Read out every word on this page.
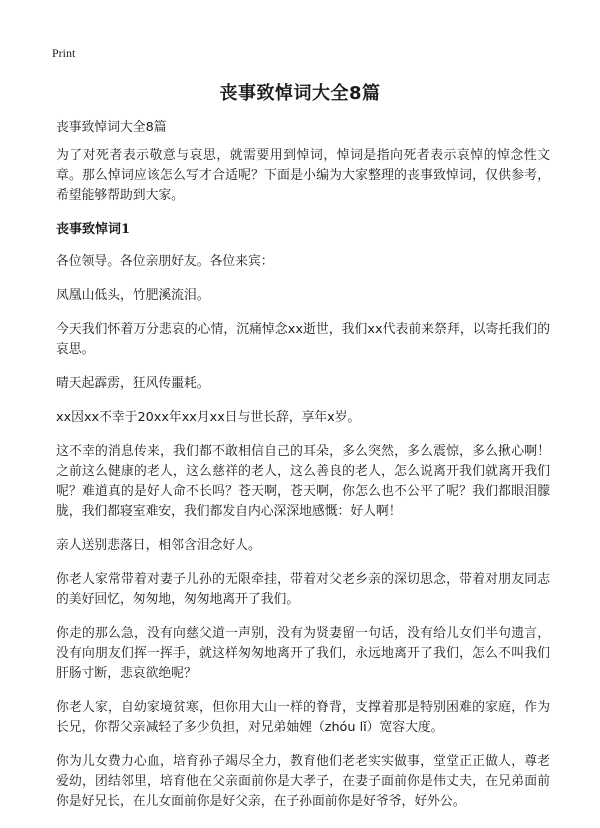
Print
丧事致悼词大全8篇

丧事致悼词大全8篇

为了对死者表示敬意与哀思，就需要用到悼词，悼词是指向死者表示哀悼的悼念性文章。那么悼词应该怎么写才合适呢？下面是小编为大家整理的丧事致悼词，仅供参考，希望能够帮助到大家。

丧事致悼词1

各位领导。各位亲朋好友。各位来宾：

凤凰山低头，竹肥溪流泪。

今天我们怀着万分悲哀的心情，沉痛悼念xx逝世，我们xx代表前来祭拜，以寄托我们的哀思。

晴天起霹雳，狂风传噩耗。

xx因xx不幸于20xx年xx月xx日与世长辞，享年x岁。

这不幸的消息传来，我们都不敢相信自己的耳朵，多么突然，多么震惊，多么揪心啊！之前这么健康的老人，这么慈祥的老人，这么善良的老人，怎么说离开我们就离开我们呢？难道真的是好人命不长吗？苍天啊，苍天啊，你怎么也不公平了呢？我们都眼泪朦胧，我们都寝室难安，我们都发自内心深深地感慨：好人啊！

亲人送别悲落日，相邻含泪念好人。

你老人家常带着对妻子儿孙的无限牵挂，带着对父老乡亲的深切思念，带着对朋友同志的美好回忆，匆匆地，匆匆地离开了我们。

你走的那么急，没有向慈父道一声别，没有为贤妻留一句话，没有给儿女们半句遗言，没有向朋友们挥一挥手，就这样匆匆地离开了我们，永远地离开了我们，怎么不叫我们肝肠寸断，悲哀欲绝呢？

你老人家，自幼家境贫寒，但你用大山一样的脊背，支撑着那是特别困难的家庭，作为长兄，你帮父亲减轻了多少负担，对兄弟妯娌（zhóu lǐ）宽容大度。

你为儿女费力心血，培育孙子竭尽全力，教育他们老老实实做事，堂堂正正做人，尊老爱幼，团结邻里，培育他在父亲面前你是大孝子，在妻子面前你是伟丈夫，在兄弟面前你是好兄长，在儿女面前你是好父亲，在子孙面前你是好爷爷，好外公。
